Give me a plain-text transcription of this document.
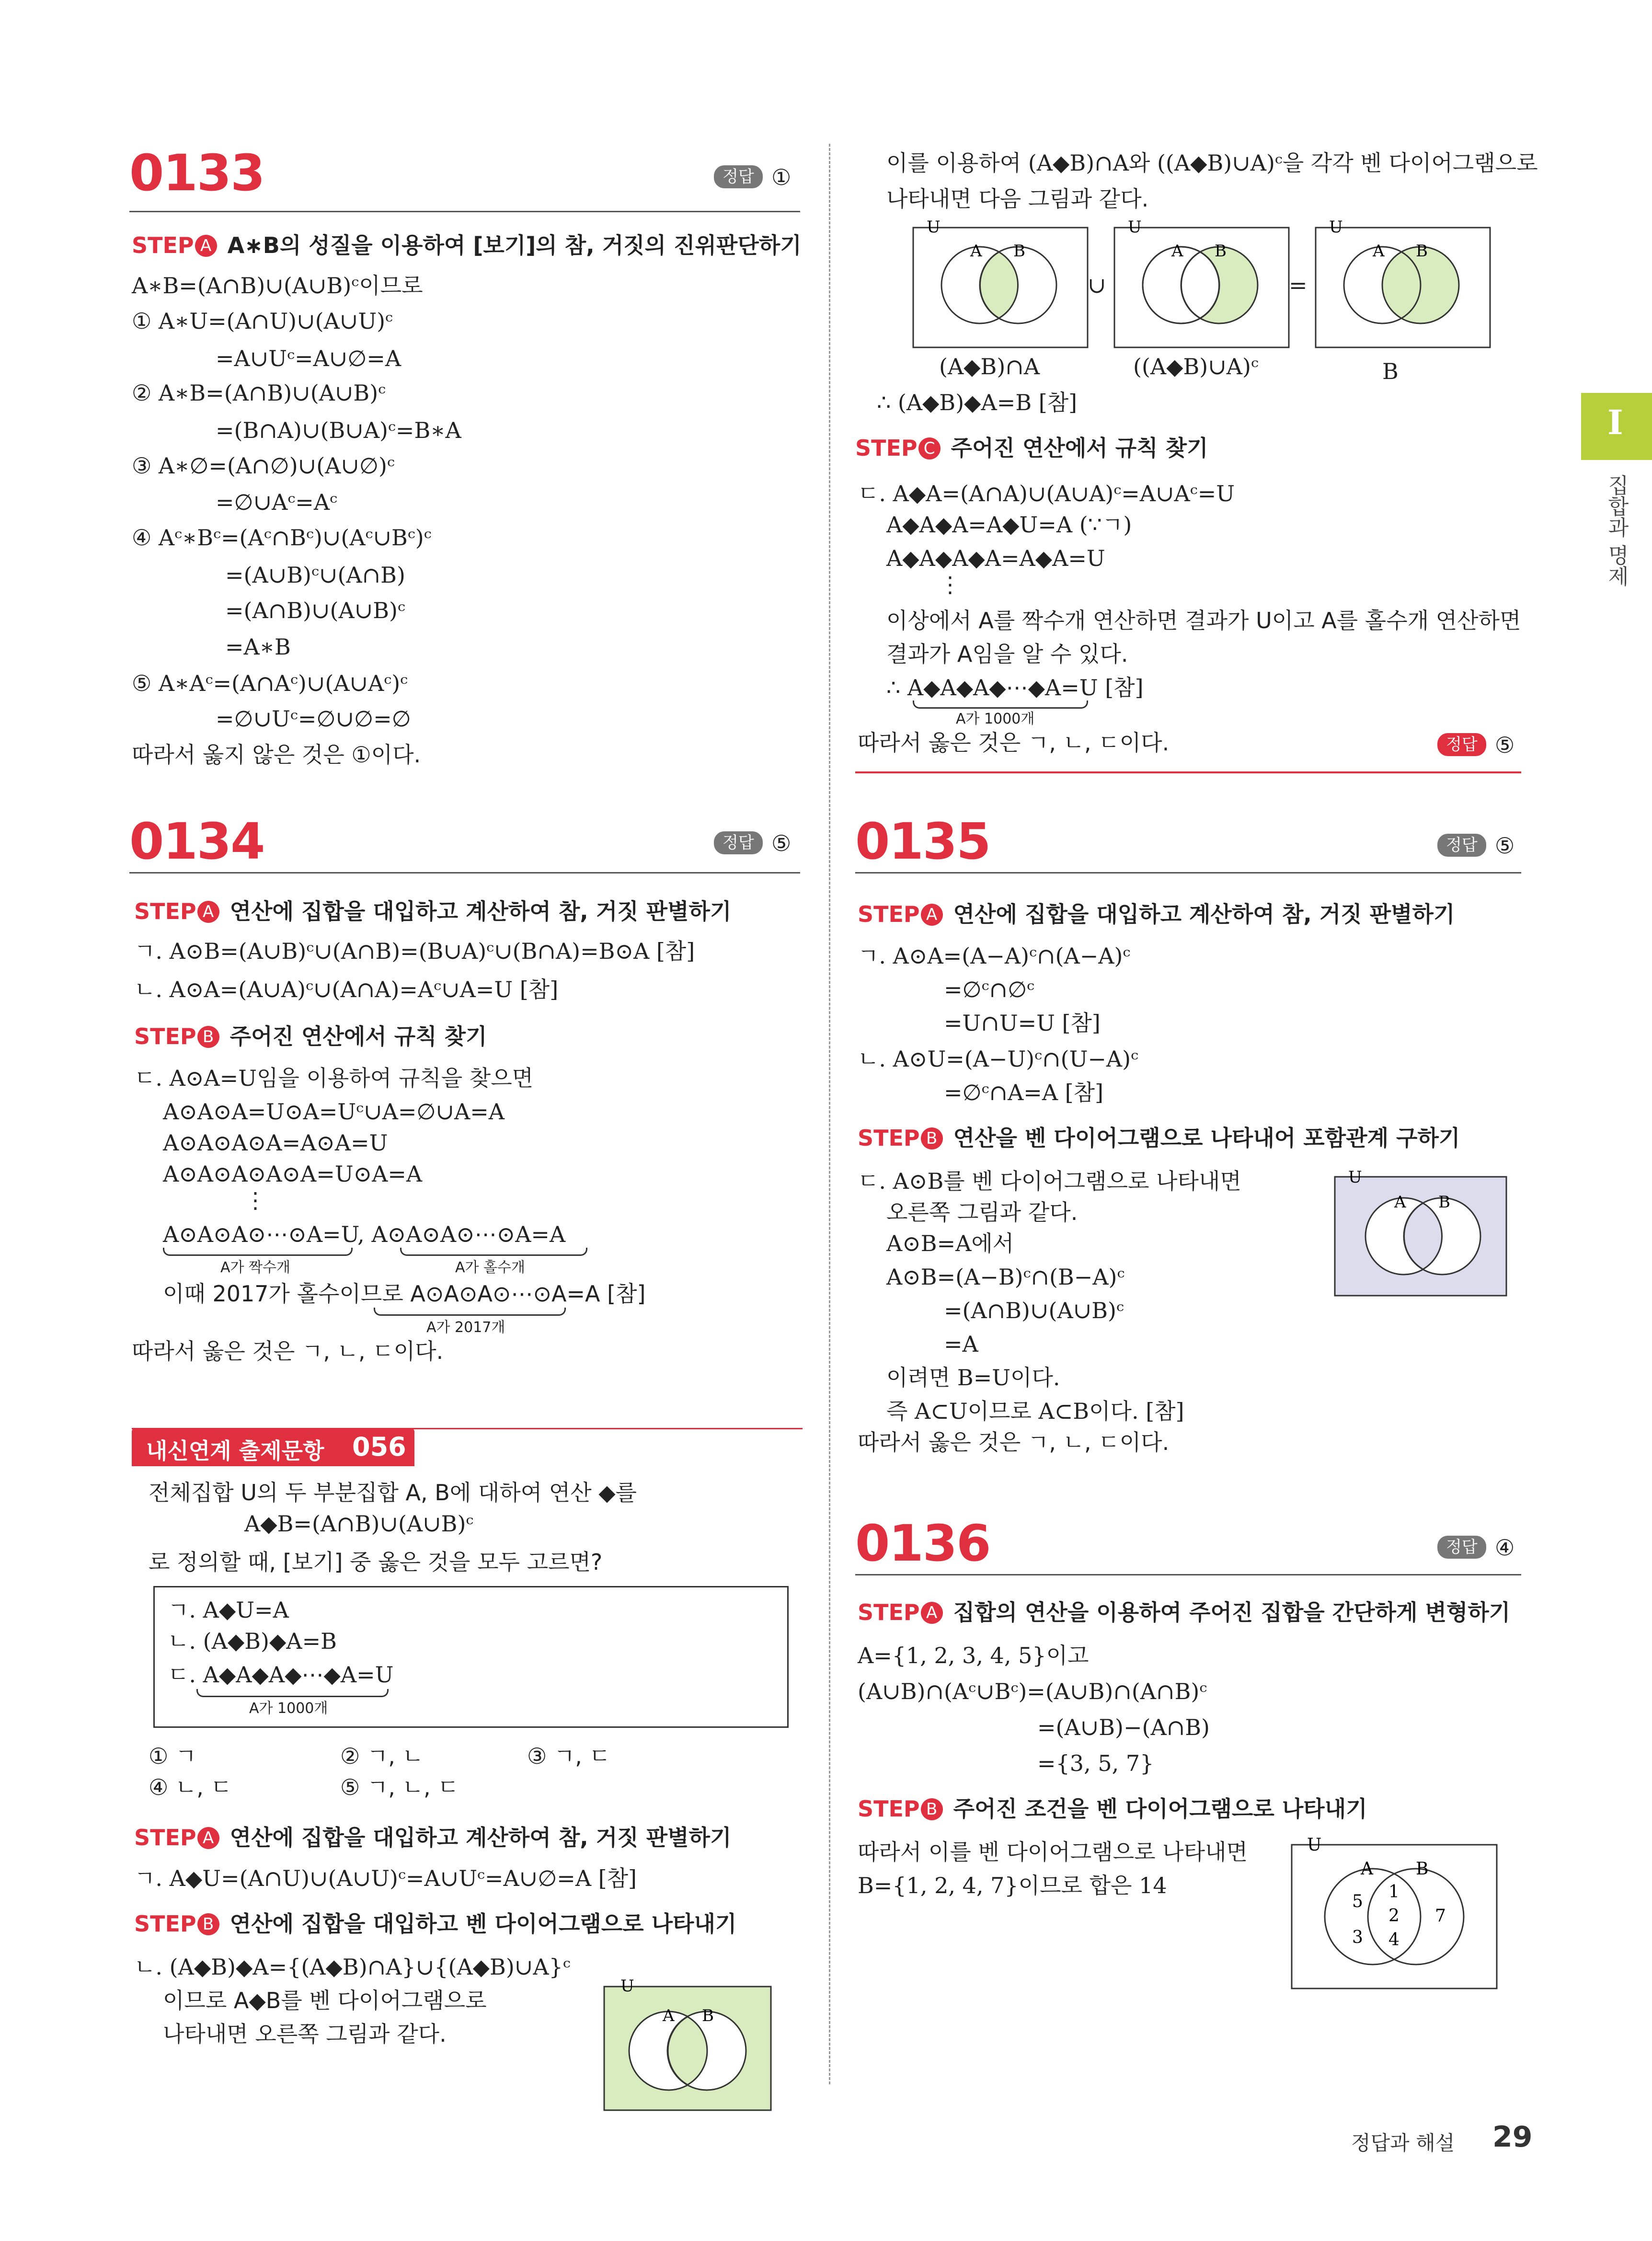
0133	정답 ①
STEP A A∗B의 성질을 이용하여 [보기]의 참, 거짓의 진위판단하기
A∗B=(A∩B)∪(A∪B)ᶜ이므로
① A∗U=(A∩U)∪(A∪U)ᶜ
=A∪Uᶜ=A∪∅=A
② A∗B=(A∩B)∪(A∪B)ᶜ
=(B∩A)∪(B∪A)ᶜ=B∗A
③ A∗∅=(A∩∅)∪(A∪∅)ᶜ
=∅∪Aᶜ=Aᶜ
④ Aᶜ∗Bᶜ=(Aᶜ∩Bᶜ)∪(Aᶜ∪Bᶜ)ᶜ
=(A∪B)ᶜ∪(A∩B)
=(A∩B)∪(A∪B)ᶜ
=A∗B
⑤ A∗Aᶜ=(A∩Aᶜ)∪(A∪Aᶜ)ᶜ
=∅∪Uᶜ=∅∪∅=∅
따라서 옳지 않은 것은 ①이다.
0134	정답 ⑤
STEP A 연산에 집합을 대입하고 계산하여 참, 거짓 판별하기
ㄱ. A⊙B=(A∪B)ᶜ∪(A∩B)=(B∪A)ᶜ∪(B∩A)=B⊙A [참]
ㄴ. A⊙A=(A∪A)ᶜ∪(A∩A)=Aᶜ∪A=U [참]
STEP B 주어진 연산에서 규칙 찾기
ㄷ. A⊙A=U임을 이용하여 규칙을 찾으면
A⊙A⊙A=U⊙A=Uᶜ∪A=∅∪A=A
A⊙A⊙A⊙A=A⊙A=U
A⊙A⊙A⊙A⊙A=U⊙A=A
⋮
A⊙A⊙A⊙⋯⊙A=U, A⊙A⊙A⊙⋯⊙A=A
A가 짝수개	A가 홀수개
이때 2017가 홀수이므로 A⊙A⊙A⊙⋯⊙A=A [참]
A가 2017개
따라서 옳은 것은 ㄱ, ㄴ, ㄷ이다.
내신연계 출제문항 056
전체집합 U의 두 부분집합 A, B에 대하여 연산 ◆를
A◆B=(A∩B)∪(A∪B)ᶜ
로 정의할 때, [보기] 중 옳은 것을 모두 고르면?
ㄱ. A◆U=A
ㄴ. (A◆B)◆A=B
ㄷ. A◆A◆A◆⋯◆A=U
A가 1000개
① ㄱ	② ㄱ, ㄴ	③ ㄱ, ㄷ
④ ㄴ, ㄷ	⑤ ㄱ, ㄴ, ㄷ
STEP A 연산에 집합을 대입하고 계산하여 참, 거짓 판별하기
ㄱ. A◆U=(A∩U)∪(A∪U)ᶜ=A∪Uᶜ=A∪∅=A [참]
STEP B 연산에 집합을 대입하고 벤 다이어그램으로 나타내기
ㄴ. (A◆B)◆A={(A◆B)∩A}∪{(A◆B)∪A}ᶜ
이므로 A◆B를 벤 다이어그램으로
나타내면 오른쪽 그림과 같다.
U
A B
이를 이용하여 (A◆B)∩A와 ((A◆B)∪A)ᶜ을 각각 벤 다이어그램으로
나타내면 다음 그림과 같다.
U
A B
∪
U
A B
=
U
A B
(A◆B)∩A	((A◆B)∪A)ᶜ	B
∴ (A◆B)◆A=B [참]
STEP C 주어진 연산에서 규칙 찾기
ㄷ. A◆A=(A∩A)∪(A∪A)ᶜ=A∪Aᶜ=U
A◆A◆A=A◆U=A (∵ㄱ)
A◆A◆A◆A=A◆A=U
⋮
이상에서 A를 짝수개 연산하면 결과가 U이고 A를 홀수개 연산하면
결과가 A임을 알 수 있다.
∴ A◆A◆A◆⋯◆A=U [참]
A가 1000개
따라서 옳은 것은 ㄱ, ㄴ, ㄷ이다.	정답 ⑤
0135	정답 ⑤
STEP A 연산에 집합을 대입하고 계산하여 참, 거짓 판별하기
ㄱ. A⊙A=(A−A)ᶜ∩(A−A)ᶜ
=∅ᶜ∩∅ᶜ
=U∩U=U [참]
ㄴ. A⊙U=(A−U)ᶜ∩(U−A)ᶜ
=∅ᶜ∩A=A [참]
STEP B 연산을 벤 다이어그램으로 나타내어 포함관계 구하기
ㄷ. A⊙B를 벤 다이어그램으로 나타내면
오른쪽 그림과 같다.
A⊙B=A에서
A⊙B=(A−B)ᶜ∩(B−A)ᶜ
=(A∩B)∪(A∪B)ᶜ
=A
이려면 B=U이다.
즉 A⊂U이므로 A⊂B이다. [참]
따라서 옳은 것은 ㄱ, ㄴ, ㄷ이다.
U
A B
0136	정답 ④
STEP A 집합의 연산을 이용하여 주어진 집합을 간단하게 변형하기
A={1, 2, 3, 4, 5}이고
(A∪B)∩(Aᶜ∪Bᶜ)=(A∪B)∩(A∩B)ᶜ
=(A∪B)−(A∩B)
={3, 5, 7}
STEP B 주어진 조건을 벤 다이어그램으로 나타내기
따라서 이를 벤 다이어그램으로 나타내면
B={1, 2, 4, 7}이므로 합은 14
U
A B
5 1
2
3 4
7
I
집합과 명제
정답과 해설 29
